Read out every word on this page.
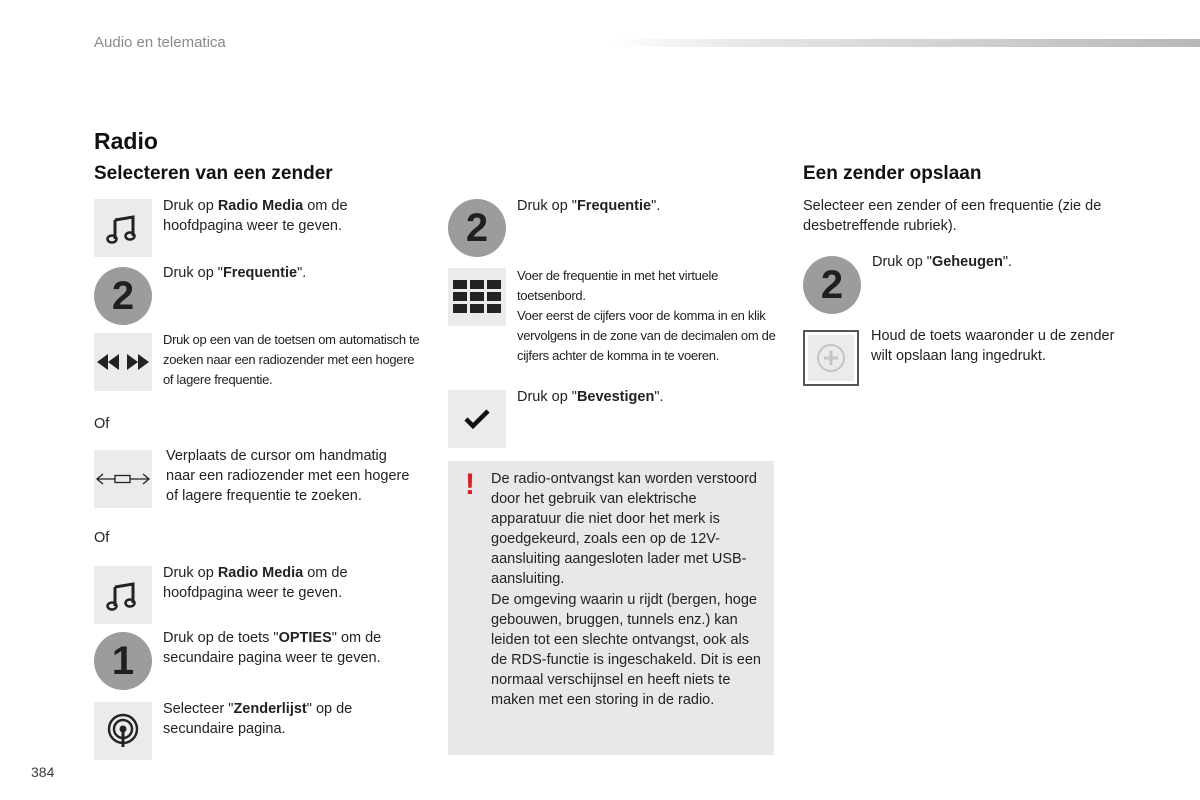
Audio en telematica
Radio
Selecteren van een zender	Een zender opslaan
Druk op Radio Media om de hoofdpagina weer te geven.
2
Druk op "Frequentie".
Druk op een van de toetsen om automatisch te zoeken naar een radiozender met een hogere of lagere frequentie.
Of
Verplaats de cursor om handmatig naar een radiozender met een hogere of lagere frequentie te zoeken.
Of
Druk op Radio Media om de hoofdpagina weer te geven.
1
Druk op de toets "OPTIES" om de secundaire pagina weer te geven.
Selecteer "Zenderlijst" op de secundaire pagina.
2	Druk op "Frequentie".
Voer de frequentie in met het virtuele toetsenbord.
Voer eerst de cijfers voor de komma in en klik vervolgens in de zone van de decimalen om de cijfers achter de komma in te voeren.
Druk op "Bevestigen".
! De radio-ontvangst kan worden verstoord door het gebruik van elektrische apparatuur die niet door het merk is goedgekeurd, zoals een op de 12V-aansluiting aangesloten lader met USB-aansluiting.
De omgeving waarin u rijdt (bergen, hoge gebouwen, bruggen, tunnels enz.) kan leiden tot een slechte ontvangst, ook als de RDS-functie is ingeschakeld. Dit is een normaal verschijnsel en heeft niets te maken met een storing in de radio.
Selecteer een zender of een frequentie (zie de desbetreffende rubriek).
2
Druk op "Geheugen".
Houd de toets waaronder u de zender wilt opslaan lang ingedrukt.
384
